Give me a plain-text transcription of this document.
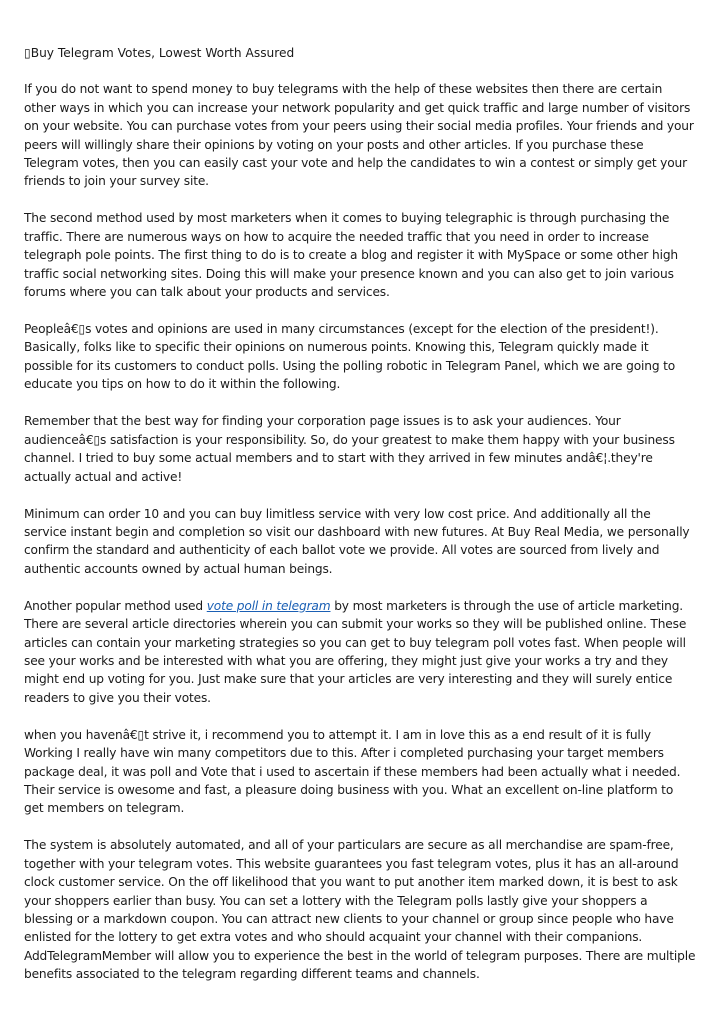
▯Buy Telegram Votes, Lowest Worth Assured

If you do not want to spend money to buy telegrams with the help of these websites then there are certain other ways in which you can increase your network popularity and get quick traffic and large number of visitors on your website. You can purchase votes from your peers using their social media profiles. Your friends and your peers will willingly share their opinions by voting on your posts and other articles. If you purchase these Telegram votes, then you can easily cast your vote and help the candidates to win a contest or simply get your friends to join your survey site.

The second method used by most marketers when it comes to buying telegraphic is through purchasing the traffic. There are numerous ways on how to acquire the needed traffic that you need in order to increase telegraph pole points. The first thing to do is to create a blog and register it with MySpace or some other high traffic social networking sites. Doing this will make your presence known and you can also get to join various forums where you can talk about your products and services.

Peopleâ€▯s votes and opinions are used in many circumstances (except for the election of the president!). Basically, folks like to specific their opinions on numerous points. Knowing this, Telegram quickly made it possible for its customers to conduct polls. Using the polling robotic in Telegram Panel, which we are going to educate you tips on how to do it within the following.

Remember that the best way for finding your corporation page issues is to ask your audiences. Your audienceâ€▯s satisfaction is your responsibility. So, do your greatest to make them happy with your business channel. I tried to buy some actual members and to start with they arrived in few minutes andâ€¦.they're actually actual and active!

Minimum can order 10 and you can buy limitless service with very low cost price. And additionally all the service instant begin and completion so visit our dashboard with new futures. At Buy Real Media, we personally confirm the standard and authenticity of each ballot vote we provide. All votes are sourced from lively and authentic accounts owned by actual human beings.

Another popular method used vote poll in telegram by most marketers is through the use of article marketing. There are several article directories wherein you can submit your works so they will be published online. These articles can contain your marketing strategies so you can get to buy telegram poll votes fast. When people will see your works and be interested with what you are offering, they might just give your works a try and they might end up voting for you. Just make sure that your articles are very interesting and they will surely entice readers to give you their votes.

when you havenâ€▯t strive it, i recommend you to attempt it. I am in love this as a end result of it is fully Working I really have win many competitors due to this. After i completed purchasing your target members package deal, it was poll and Vote that i used to ascertain if these members had been actually what i needed. Their service is owesome and fast, a pleasure doing business with you. What an excellent on-line platform to get members on telegram.

The system is absolutely automated, and all of your particulars are secure as all merchandise are spam-free, together with your telegram votes. This website guarantees you fast telegram votes, plus it has an all-around clock customer service. On the off likelihood that you want to put another item marked down, it is best to ask your shoppers earlier than busy. You can set a lottery with the Telegram polls lastly give your shoppers a blessing or a markdown coupon. You can attract new clients to your channel or group since people who have enlisted for the lottery to get extra votes and who should acquaint your channel with their companions. AddTelegramMember will allow you to experience the best in the world of telegram purposes. There are multiple benefits associated to the telegram regarding different teams and channels.
